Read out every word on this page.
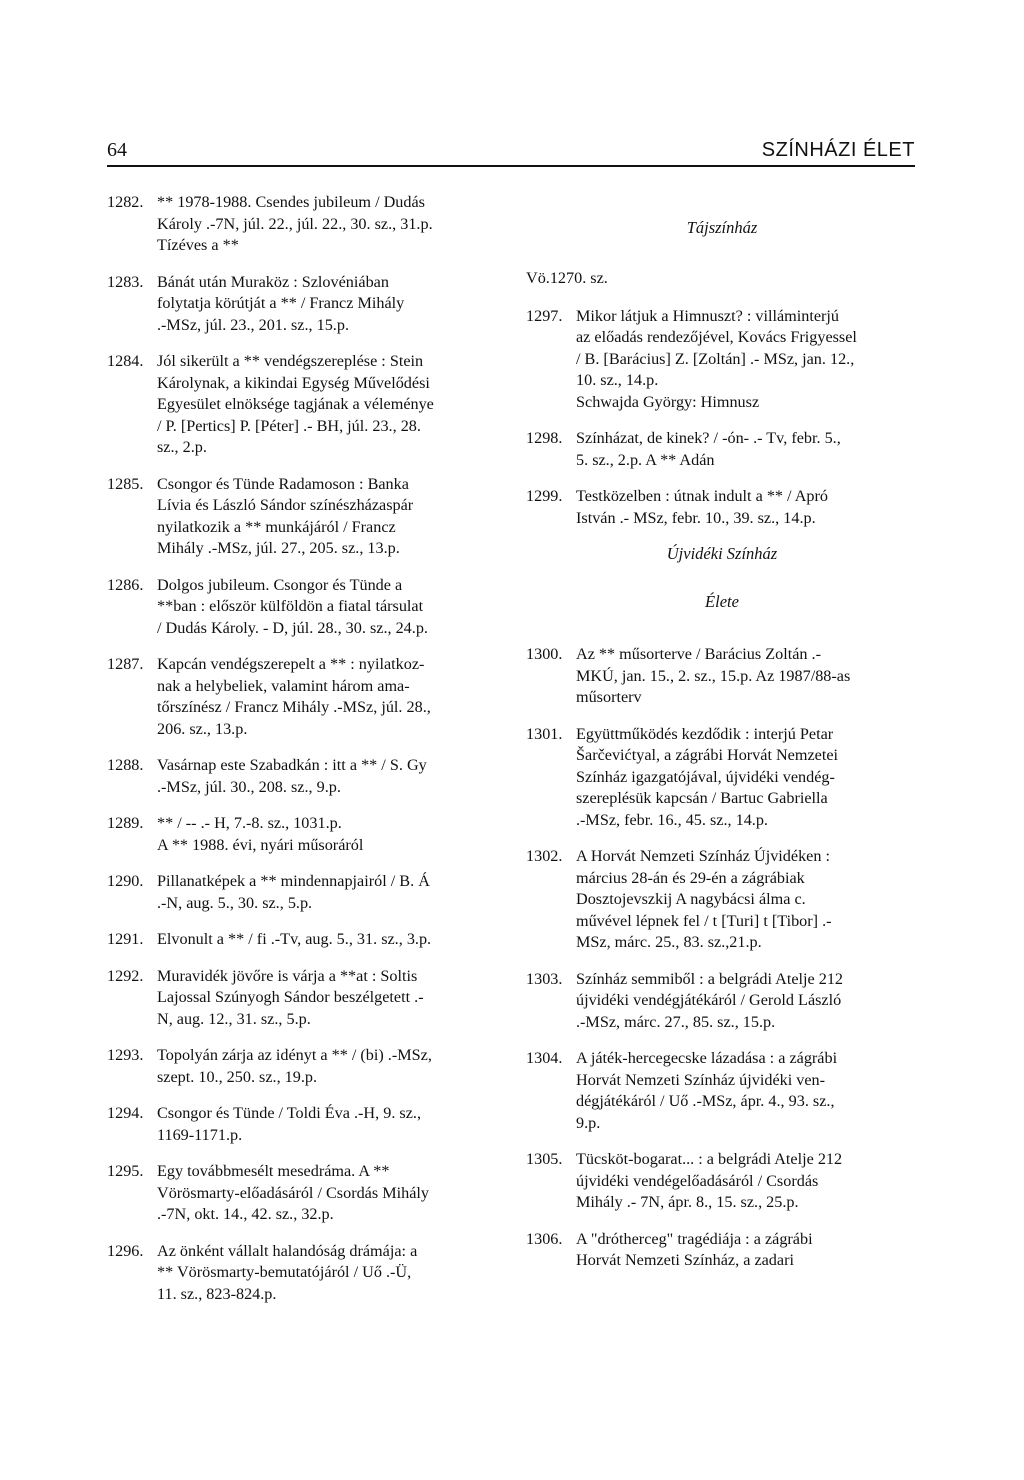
64	SZÍNHÁZI ÉLET
1282. ** 1978-1988. Csendes jubileum / Dudás
Károly .-7N, júl. 22., júl. 22., 30. sz., 31.p.
Tízéves a **
1283. Bánát után Muraköz : Szlovéniában
folytatja körútját a ** / Francz Mihály
.-MSz, júl. 23., 201. sz., 15.p.
1284. Jól sikerült a ** vendégszereplése : Stein
Károlynak, a kikindai Egység Művelődési
Egyesület elnöksége tagjának a véleménye
/ P. [Pertics] P. [Péter] .- BH, júl. 23., 28.
sz., 2.p.
1285. Csongor és Tünde Radamoson : Banka
Lívia és László Sándor színészházaspár
nyilatkozik a ** munkájáról / Francz
Mihály .-MSz, júl. 27., 205. sz., 13.p.
1286. Dolgos jubileum. Csongor és Tünde a
**ban : először külföldön a fiatal társulat
/ Dudás Károly. - D, júl. 28., 30. sz., 24.p.
1287. Kapcán vendégszerepelt a ** : nyilatkoz-
nak a helybeliek, valamint három ama-
tőrszínész / Francz Mihály .-MSz, júl. 28.,
206. sz., 13.p.
1288. Vasárnap este Szabadkán : itt a ** / S. Gy
.-MSz, júl. 30., 208. sz., 9.p.
1289. ** / -- .- H, 7.-8. sz., 1031.p.
A ** 1988. évi, nyári műsoráról
1290. Pillanatképek a ** mindennapjairól / B. Á
.-N, aug. 5., 30. sz., 5.p.
1291. Elvonult a ** / fi .-Tv, aug. 5., 31. sz., 3.p.
1292. Muravidék jövőre is várja a **at : Soltis
Lajossal Szúnyogh Sándor beszélgetett .-
N, aug. 12., 31. sz., 5.p.
1293. Topolyán zárja az idényt a ** / (bi) .-MSz,
szept. 10., 250. sz., 19.p.
1294. Csongor és Tünde / Toldi Éva .-H, 9. sz.,
1169-1171.p.
1295. Egy továbbmesélt mesedráma. A **
Vörösmarty-előadásáról / Csordás Mihály
.-7N, okt. 14., 42. sz., 32.p.
1296. Az önként vállalt halandóság drámája: a
** Vörösmarty-bemutatójáról / Uő .-Ü,
11. sz., 823-824.p.
Tájszínház
Vö.1270. sz.
1297. Mikor látjuk a Himnuszt? : villáminterjú
az előadás rendezőjével, Kovács Frigyessel
/ B. [Barácius] Z. [Zoltán] .- MSz, jan. 12.,
10. sz., 14.p.
Schwajda György: Himnusz
1298. Színházat, de kinek? / -ón- .- Tv, febr. 5.,
5. sz., 2.p. A ** Adán
1299. Testközelben : útnak indult a ** / Apró
István .- MSz, febr. 10., 39. sz., 14.p.
Újvidéki Színház
Élete
1300. Az ** műsorterve / Barácius Zoltán .-
MKÚ, jan. 15., 2. sz., 15.p. Az 1987/88-as
műsorterv
1301. Együttműködés kezdődik : interjú Petar
Šarčevićtyal, a zágrábi Horvát Nemzetei
Színház igazgatójával, újvidéki vendég-
szereplésük kapcsán / Bartuc Gabriella
.-MSz, febr. 16., 45. sz., 14.p.
1302. A Horvát Nemzeti Színház Újvidéken :
március 28-án és 29-én a zágrábiak
Dosztojevszkij A nagybácsi álma c.
művével lépnek fel / t [Turi] t [Tibor] .-
MSz, márc. 25., 83. sz.,21.p.
1303. Színház semmiből : a belgrádi Atelje 212
újvidéki vendégjátékáról / Gerold László
.-MSz, márc. 27., 85. sz., 15.p.
1304. A játék-hercegecske lázadása : a zágrábi
Horvát Nemzeti Színház újvidéki ven-
dégjátékáról / Uő .-MSz, ápr. 4., 93. sz.,
9.p.
1305. Tücsköt-bogarat... : a belgrádi Atelje 212
újvidéki vendégelőadásáról / Csordás
Mihály .- 7N, ápr. 8., 15. sz., 25.p.
1306. A "drótherceg" tragédiája : a zágrábi
Horvát Nemzeti Színház, a zadari
